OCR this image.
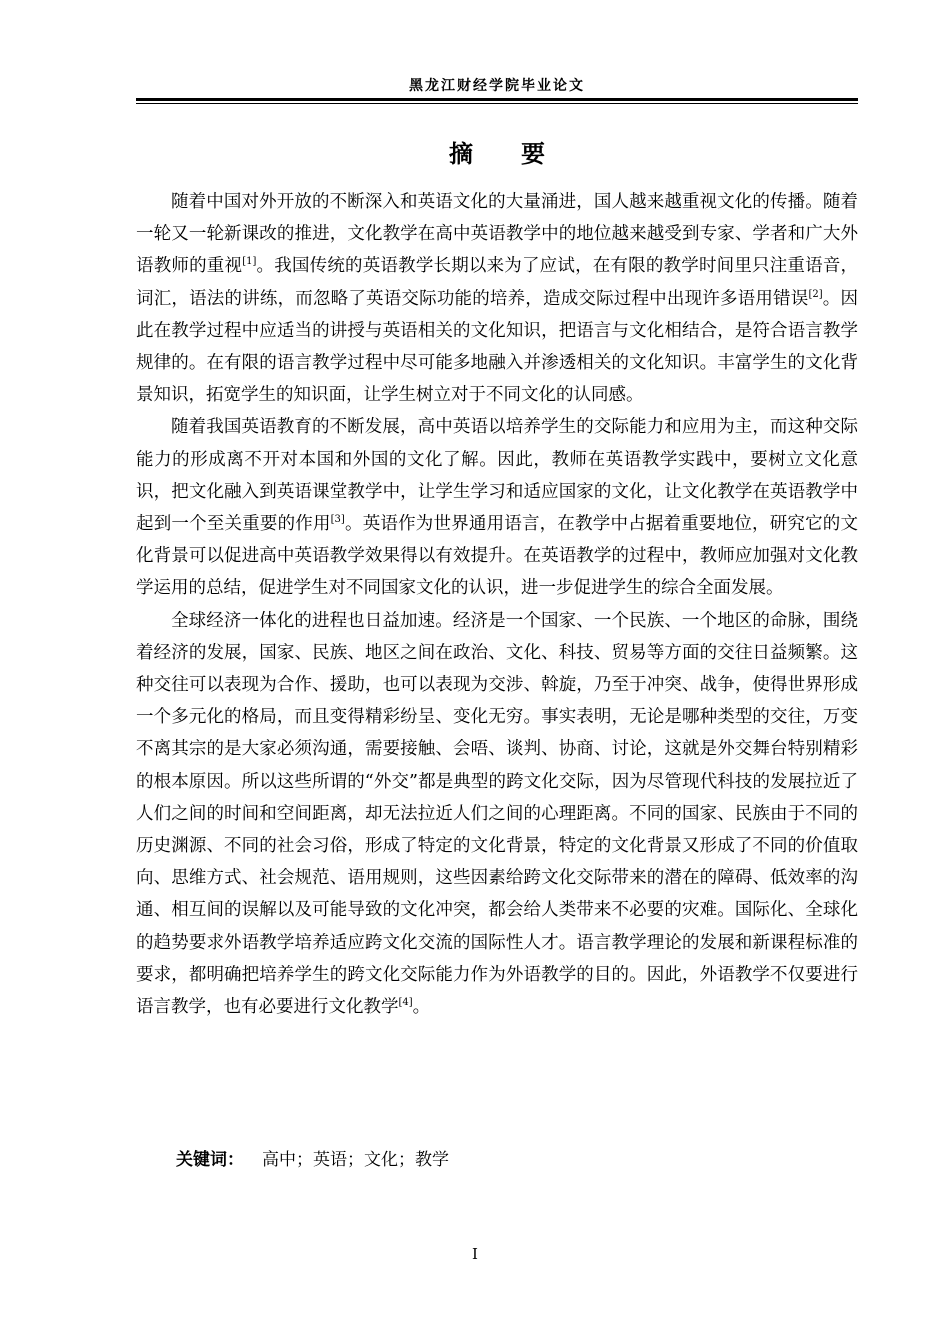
黑龙江财经学院毕业论文
摘　　要

随着中国对外开放的不断深入和英语文化的大量涌进，国人越来越重视文化的传播。随着一轮又一轮新课改的推进，文化教学在高中英语教学中的地位越来越受到专家、学者和广大外语教师的重视[1]。我国传统的英语教学长期以来为了应试，在有限的教学时间里只注重语音，词汇，语法的讲练，而忽略了英语交际功能的培养，造成交际过程中出现许多语用错误[2]。因此在教学过程中应适当的讲授与英语相关的文化知识，把语言与文化相结合，是符合语言教学规律的。在有限的语言教学过程中尽可能多地融入并渗透相关的文化知识。丰富学生的文化背景知识，拓宽学生的知识面，让学生树立对于不同文化的认同感。

随着我国英语教育的不断发展，高中英语以培养学生的交际能力和应用为主，而这种交际能力的形成离不开对本国和外国的文化了解。因此，教师在英语教学实践中，要树立文化意识，把文化融入到英语课堂教学中，让学生学习和适应国家的文化，让文化教学在英语教学中起到一个至关重要的作用[3]。英语作为世界通用语言，在教学中占据着重要地位，研究它的文化背景可以促进高中英语教学效果得以有效提升。在英语教学的过程中，教师应加强对文化教学运用的总结，促进学生对不同国家文化的认识，进一步促进学生的综合全面发展。

全球经济一体化的进程也日益加速。经济是一个国家、一个民族、一个地区的命脉，围绕着经济的发展，国家、民族、地区之间在政治、文化、科技、贸易等方面的交往日益频繁。这种交往可以表现为合作、援助，也可以表现为交涉、斡旋，乃至于冲突、战争，使得世界形成一个多元化的格局，而且变得精彩纷呈、变化无穷。事实表明，无论是哪种类型的交往，万变不离其宗的是大家必须沟通，需要接触、会唔、谈判、协商、讨论，这就是外交舞台特别精彩的根本原因。所以这些所谓的“外交”都是典型的跨文化交际，因为尽管现代科技的发展拉近了人们之间的时间和空间距离，却无法拉近人们之间的心理距离。不同的国家、民族由于不同的历史渊源、不同的社会习俗，形成了特定的文化背景，特定的文化背景又形成了不同的价值取向、思维方式、社会规范、语用规则，这些因素给跨文化交际带来的潜在的障碍、低效率的沟通、相互间的误解以及可能导致的文化冲突，都会给人类带来不必要的灾难。国际化、全球化的趋势要求外语教学培养适应跨文化交流的国际性人才。语言教学理论的发展和新课程标准的要求，都明确把培养学生的跨文化交际能力作为外语教学的目的。因此，外语教学不仅要进行语言教学，也有必要进行文化教学[4]。

关键词： 高中；英语；文化；教学
I
